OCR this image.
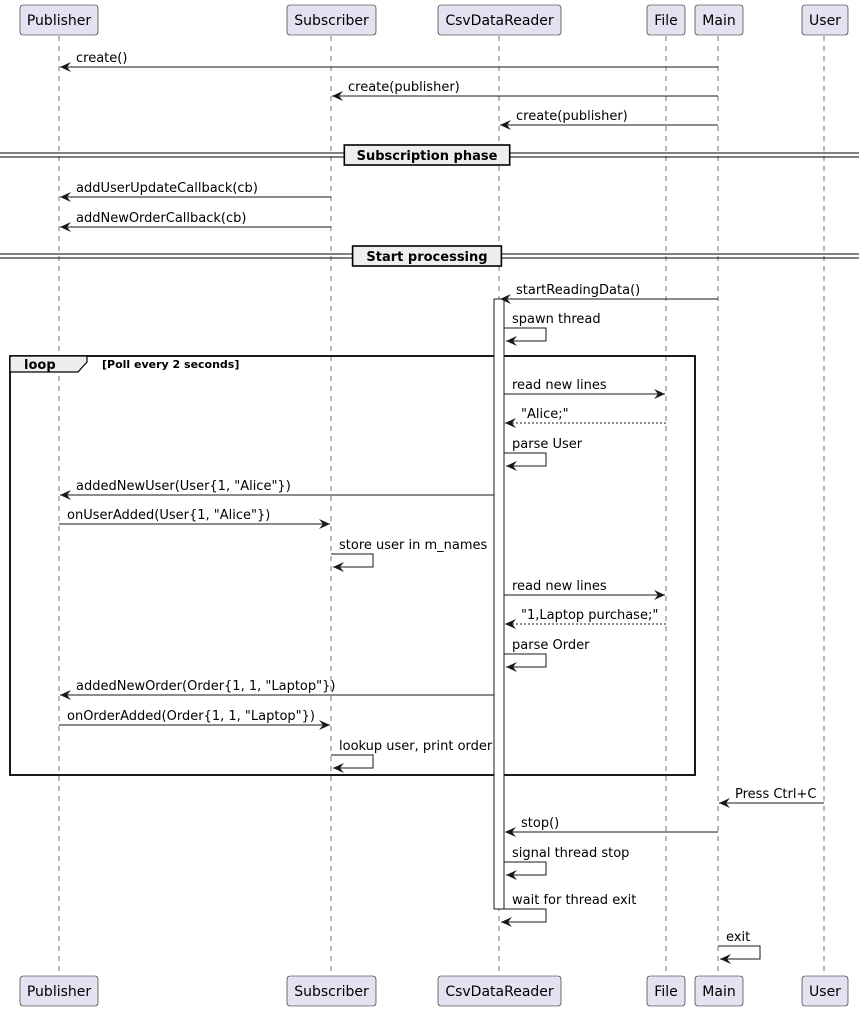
loop	[Poll every 2 seconds]
Subscription phase
Start processing
create()
create(publisher)
create(publisher)
addUserUpdateCallback(cb)
addNewOrderCallback(cb)
startReadingData()
spawn thread
read new lines
"Alice;"
parse User
addedNewUser(User{1, "Alice"})
onUserAdded(User{1, "Alice"})
store user in m_names
read new lines
"1,Laptop purchase;"
parse Order
addedNewOrder(Order{1, 1, "Laptop"})
onOrderAdded(Order{1, 1, "Laptop"})
lookup user, print order
Press Ctrl+C
stop()
signal thread stop
wait for thread exit
exit
Publisher	Subscriber	CsvDataReader	File Main	User
Publisher	Subscriber	CsvDataReader	File Main	User
